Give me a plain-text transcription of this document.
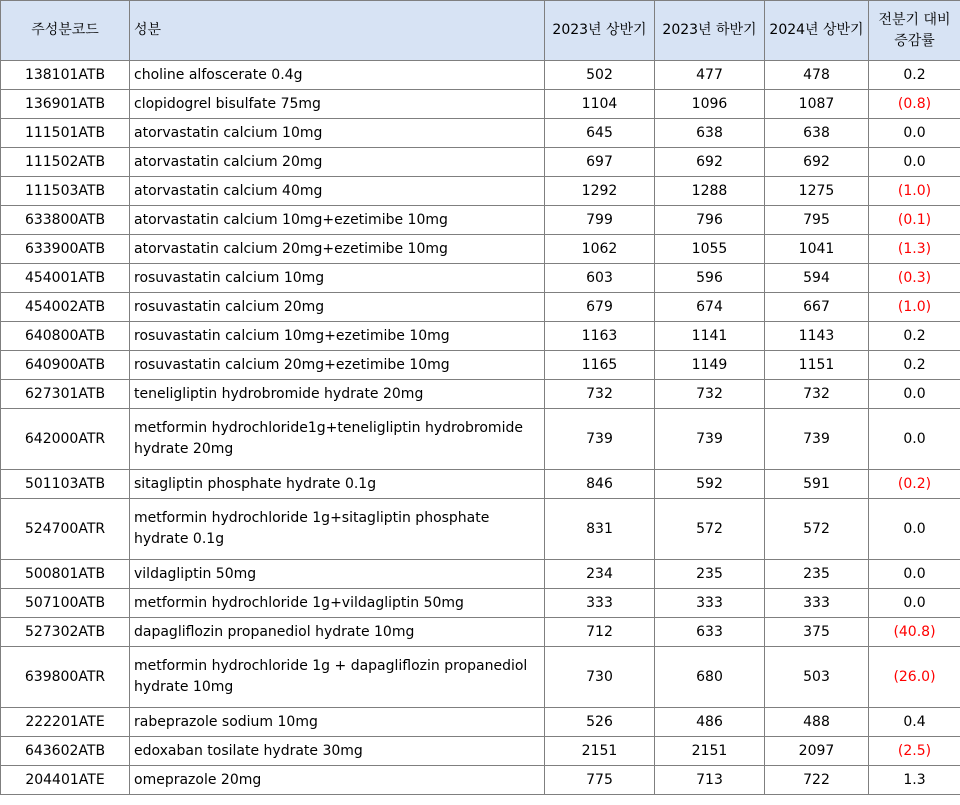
주성분코드	성분	2023년 상반기	2023년 하반기	2024년 상반기	전분기 대비
증감률
138101ATB	choline alfoscerate 0.4g	502	477	478	0.2
136901ATB	clopidogrel bisulfate 75mg	1104	1096	1087	(0.8)
111501ATB	atorvastatin calcium 10mg	645	638	638	0.0
111502ATB	atorvastatin calcium 20mg	697	692	692	0.0
111503ATB	atorvastatin calcium 40mg	1292	1288	1275	(1.0)
633800ATB	atorvastatin calcium 10mg+ezetimibe 10mg	799	796	795	(0.1)
633900ATB	atorvastatin calcium 20mg+ezetimibe 10mg	1062	1055	1041	(1.3)
454001ATB	rosuvastatin calcium 10mg	603	596	594	(0.3)
454002ATB	rosuvastatin calcium 20mg	679	674	667	(1.0)
640800ATB	rosuvastatin calcium 10mg+ezetimibe 10mg	1163	1141	1143	0.2
640900ATB	rosuvastatin calcium 20mg+ezetimibe 10mg	1165	1149	1151	0.2
627301ATB	teneligliptin hydrobromide hydrate 20mg	732	732	732	0.0
642000ATR	metformin hydrochloride1g+teneligliptin hydrobromide hydrate 20mg	739	739	739	0.0
501103ATB	sitagliptin phosphate hydrate 0.1g	846	592	591	(0.2)
524700ATR	metformin hydrochloride 1g+sitagliptin phosphate hydrate 0.1g	831	572	572	0.0
500801ATB	vildagliptin 50mg	234	235	235	0.0
507100ATB	metformin hydrochloride 1g+vildagliptin 50mg	333	333	333	0.0
527302ATB	dapagliflozin propanediol hydrate 10mg	712	633	375	(40.8)
639800ATR	metformin hydrochloride 1g + dapagliflozin propanediol hydrate 10mg	730	680	503	(26.0)
222201ATE	rabeprazole sodium 10mg	526	486	488	0.4
643602ATB	edoxaban tosilate hydrate 30mg	2151	2151	2097	(2.5)
204401ATE	omeprazole 20mg	775	713	722	1.3
